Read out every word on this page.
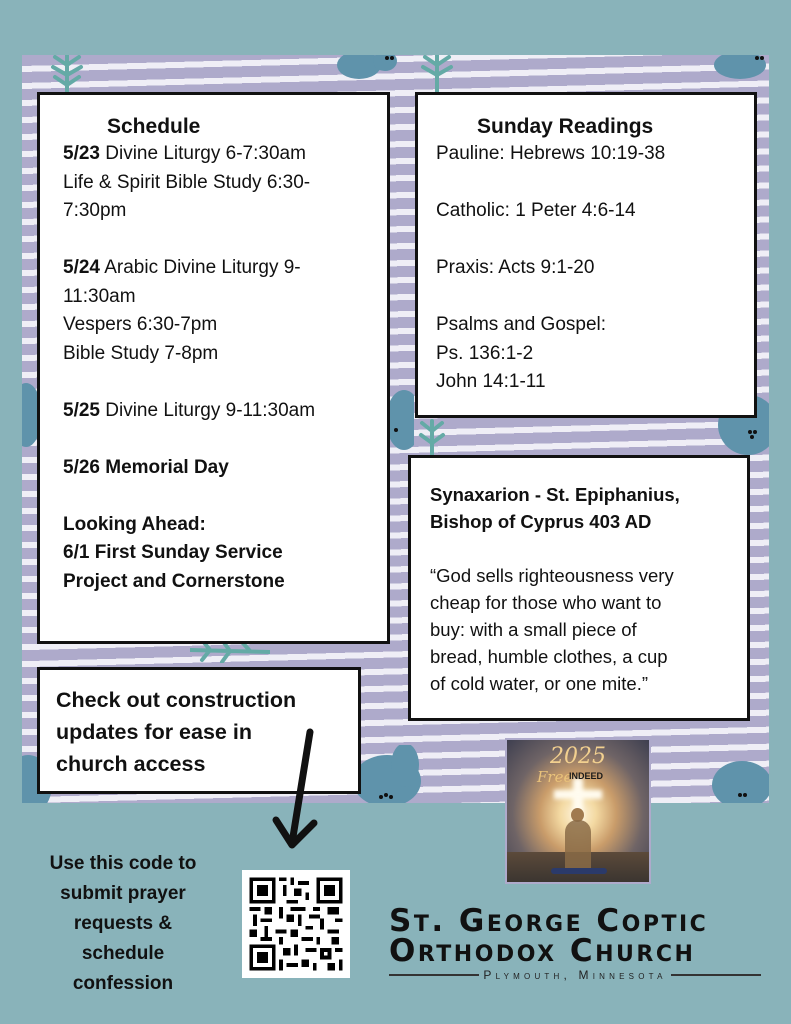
Schedule

5/23 Divine Liturgy 6-7:30am

Life & Spirit Bible Study 6:30-

7:30pm

5/24 Arabic Divine Liturgy 9-

11:30am

Vespers 6:30-7pm

Bible Study 7-8pm

5/25 Divine Liturgy 9-11:30am

5/26 Memorial Day

Looking Ahead:

6/1 First Sunday Service

Project and Cornerstone

Sunday Readings

Pauline: Hebrews 10:19-38

Catholic: 1 Peter 4:6-14

Praxis: Acts 9:1-20

Psalms and Gospel:

Ps. 136:1-2

John 14:1-11

Synaxarion - St. Epiphanius,

Bishop of Cyprus 403 AD

“God sells righteousness very

cheap for those who want to

buy: with a small piece of

bread, humble clothes, a cup

of cold water, or one mite.”

Check out construction

updates for ease in

church access

Use this code to
submit prayer
requests &
schedule
confession
2025
Free
INDEED
St. George Coptic
Orthodox Church
Plymouth, Minnesota
